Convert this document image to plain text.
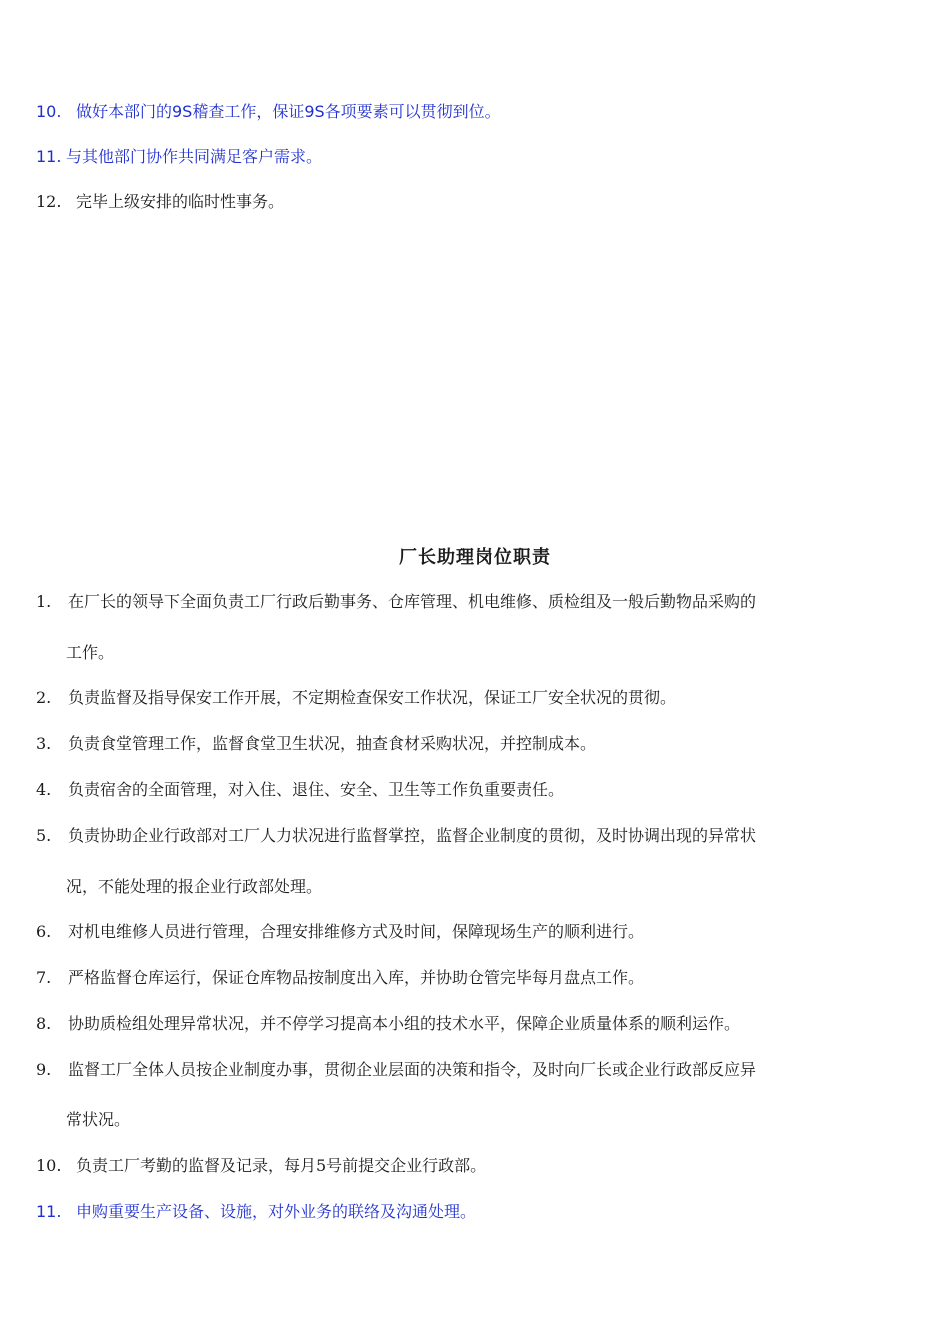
10. 做好本部门的9S稽查工作，保证9S各项要素可以贯彻到位。
11. 与其他部门协作共同满足客户需求。
12. 完毕上级安排的临时性事务。
厂长助理岗位职责
1. 在厂长的领导下全面负责工厂行政后勤事务、仓库管理、机电维修、质检组及一般后勤物品采购的
工作。
2. 负责监督及指导保安工作开展，不定期检查保安工作状况，保证工厂安全状况的贯彻。
3. 负责食堂管理工作，监督食堂卫生状况，抽查食材采购状况，并控制成本。
4. 负责宿舍的全面管理，对入住、退住、安全、卫生等工作负重要责任。
5. 负责协助企业行政部对工厂人力状况进行监督掌控，监督企业制度的贯彻，及时协调出现的异常状
况，不能处理的报企业行政部处理。
6. 对机电维修人员进行管理，合理安排维修方式及时间，保障现场生产的顺利进行。
7. 严格监督仓库运行，保证仓库物品按制度出入库，并协助仓管完毕每月盘点工作。
8. 协助质检组处理异常状况，并不停学习提高本小组的技术水平，保障企业质量体系的顺利运作。
9. 监督工厂全体人员按企业制度办事，贯彻企业层面的决策和指令，及时向厂长或企业行政部反应异
常状况。
10. 负责工厂考勤的监督及记录，每月5号前提交企业行政部。
11. 申购重要生产设备、设施，对外业务的联络及沟通处理。
